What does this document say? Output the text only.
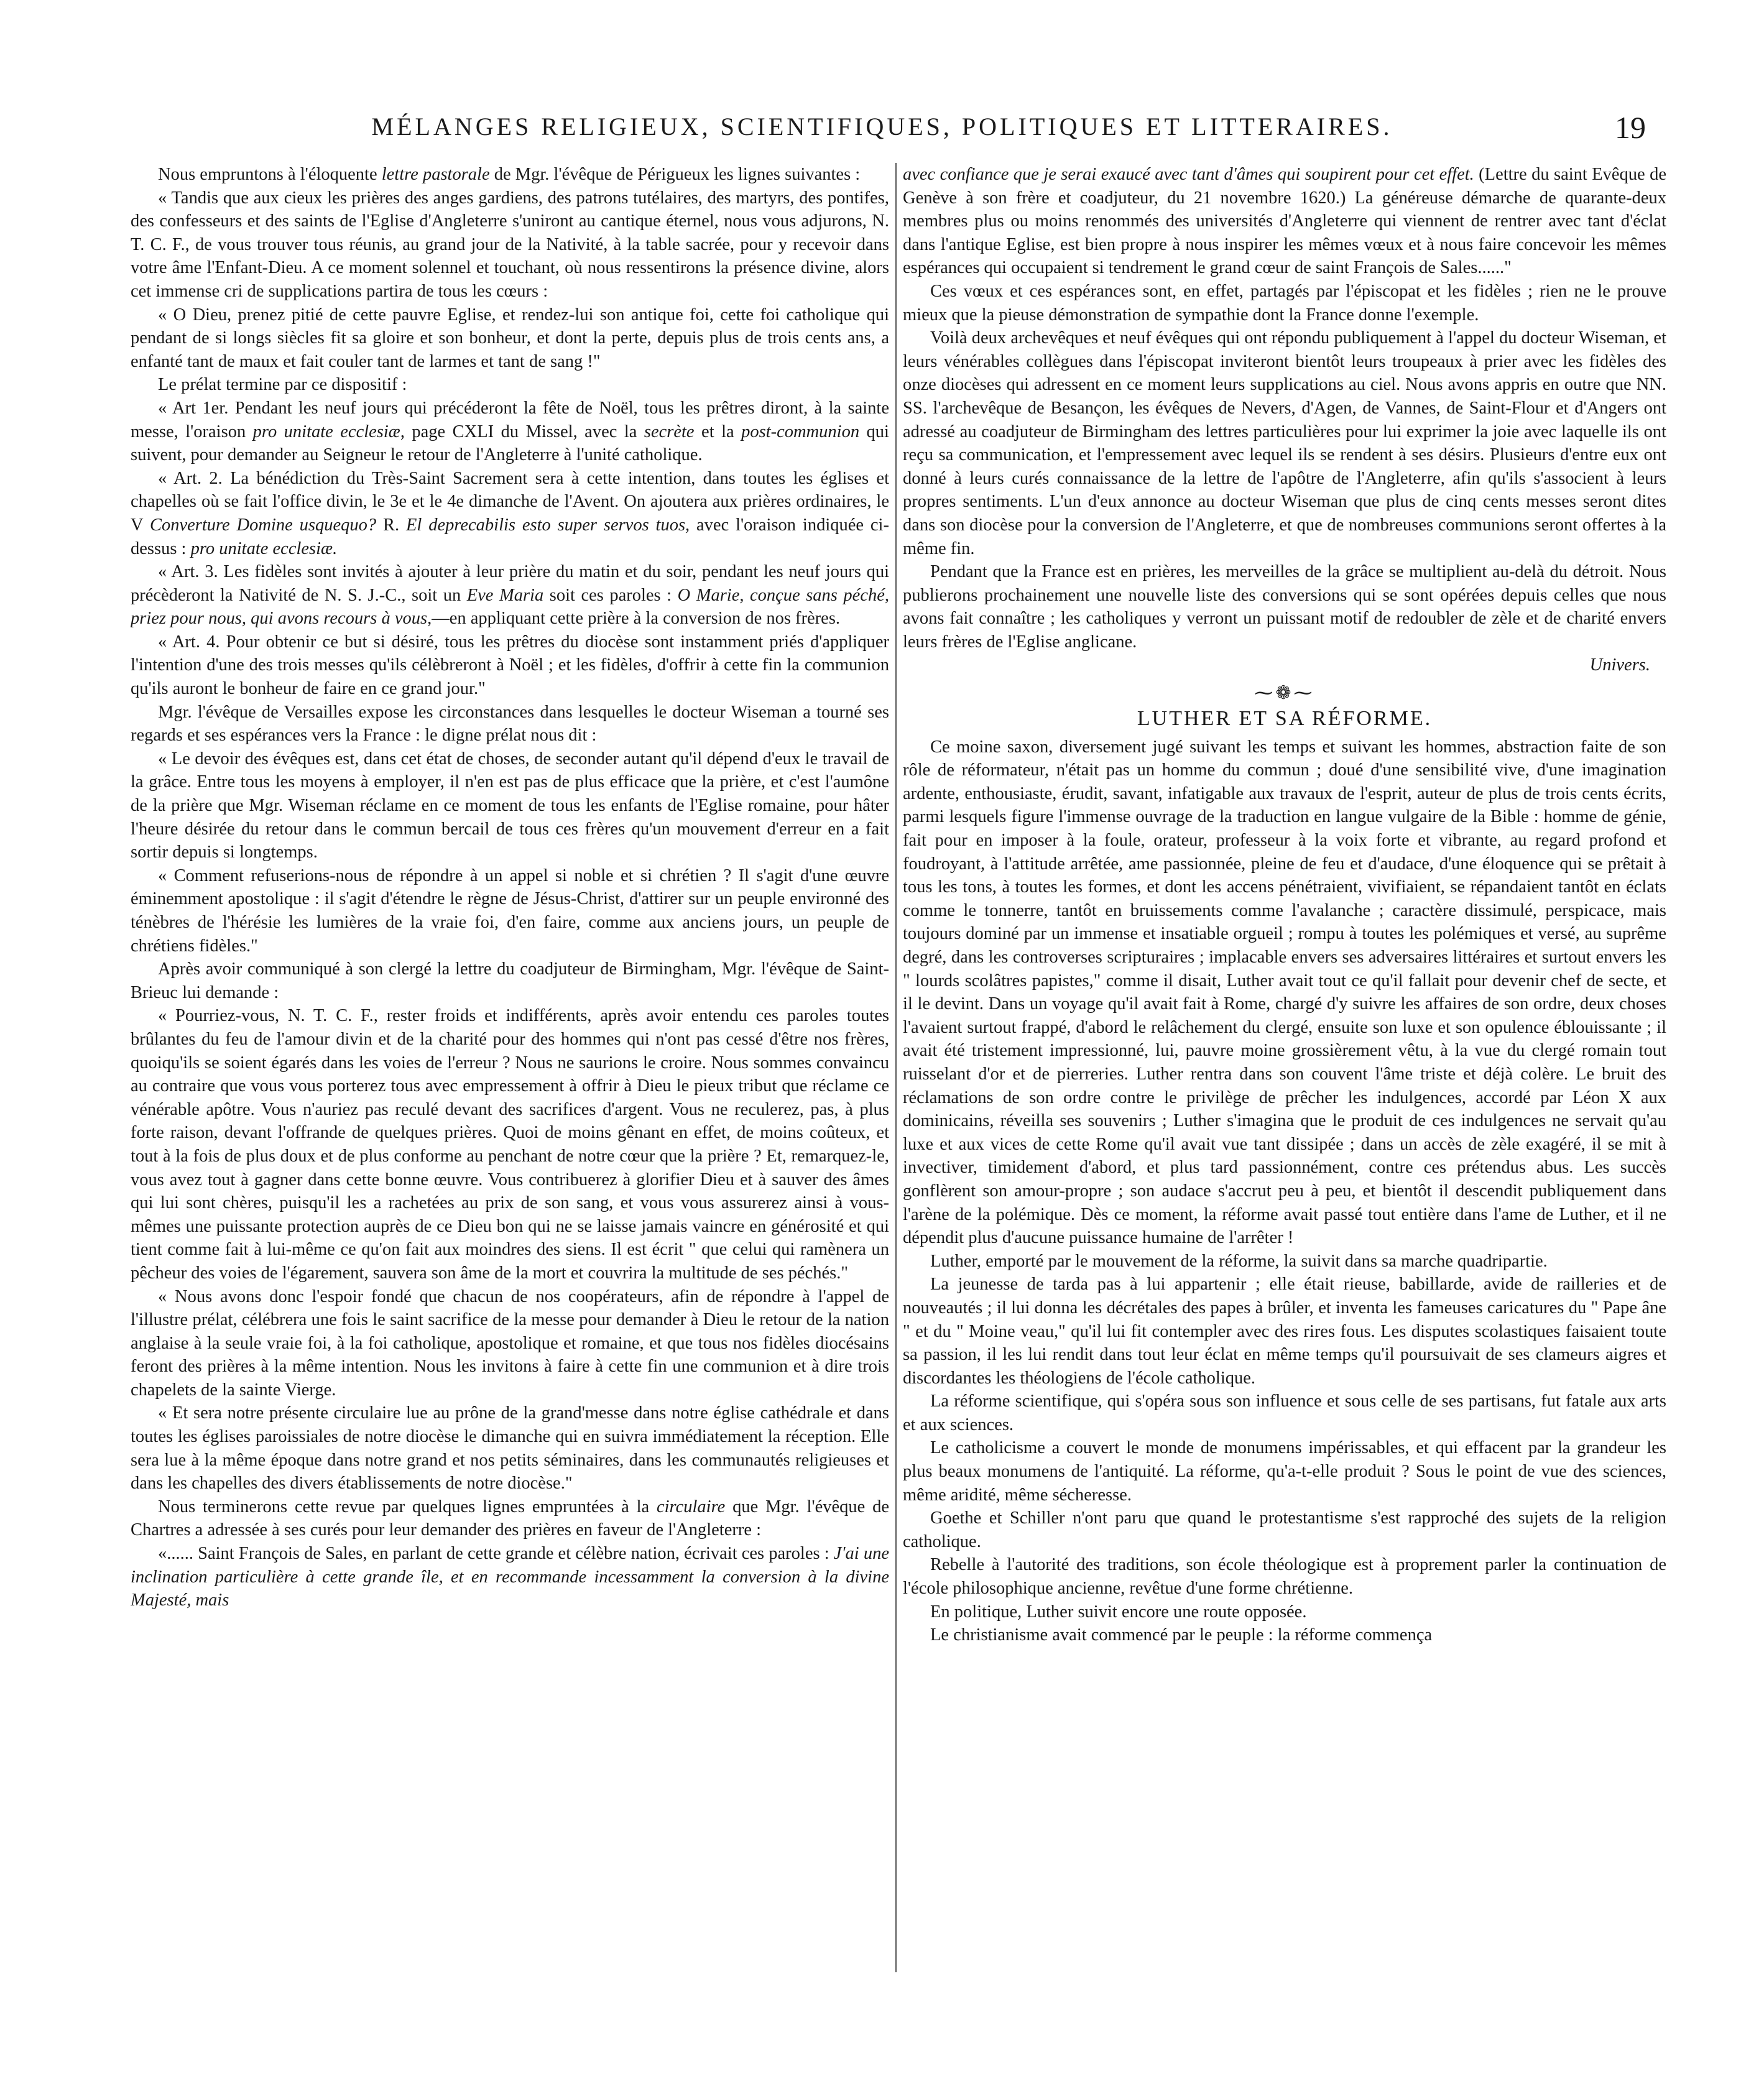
MÉLANGES RELIGIEUX, SCIENTIFIQUES, POLITIQUES ET LITTERAIRES.	19

Nous empruntons à l'éloquente lettre pastorale de Mgr. l'évêque de Périgueux les lignes suivantes :

« Tandis que aux cieux les prières des anges gardiens, des patrons tutélaires, des martyrs, des pontifes, des confesseurs et des saints de l'Eglise d'Angleterre s'uniront au cantique éternel, nous vous adjurons, N. T. C. F., de vous trouver tous réunis, au grand jour de la Nativité, à la table sacrée, pour y recevoir dans votre âme l'Enfant-Dieu. A ce moment solennel et touchant, où nous ressentirons la présence divine, alors cet immense cri de supplications partira de tous les cœurs :

« O Dieu, prenez pitié de cette pauvre Eglise, et rendez-lui son antique foi, cette foi catholique qui pendant de si longs siècles fit sa gloire et son bonheur, et dont la perte, depuis plus de trois cents ans, a enfanté tant de maux et fait couler tant de larmes et tant de sang !"

Le prélat termine par ce dispositif :

« Art 1er. Pendant les neuf jours qui précéderont la fête de Noël, tous les prêtres diront, à la sainte messe, l'oraison pro unitate ecclesiæ, page CXLI du Missel, avec la secrète et la post-communion qui suivent, pour demander au Seigneur le retour de l'Angleterre à l'unité catholique.

« Art. 2. La bénédiction du Très-Saint Sacrement sera à cette intention, dans toutes les églises et chapelles où se fait l'office divin, le 3e et le 4e dimanche de l'Avent. On ajoutera aux prières ordinaires, le V Converture Domine usquequo? R. El deprecabilis esto super servos tuos, avec l'oraison indiquée ci-dessus : pro unitate ecclesiæ.

« Art. 3. Les fidèles sont invités à ajouter à leur prière du matin et du soir, pendant les neuf jours qui précèderont la Nativité de N. S. J.-C., soit un Eve Maria soit ces paroles : O Marie, conçue sans péché, priez pour nous, qui avons recours à vous,—en appliquant cette prière à la conversion de nos frères.

« Art. 4. Pour obtenir ce but si désiré, tous les prêtres du diocèse sont instamment priés d'appliquer l'intention d'une des trois messes qu'ils célèbreront à Noël ; et les fidèles, d'offrir à cette fin la communion qu'ils auront le bonheur de faire en ce grand jour."

Mgr. l'évêque de Versailles expose les circonstances dans lesquelles le docteur Wiseman a tourné ses regards et ses espérances vers la France : le digne prélat nous dit :

« Le devoir des évêques est, dans cet état de choses, de seconder autant qu'il dépend d'eux le travail de la grâce. Entre tous les moyens à employer, il n'en est pas de plus efficace que la prière, et c'est l'aumône de la prière que Mgr. Wiseman réclame en ce moment de tous les enfants de l'Eglise romaine, pour hâter l'heure désirée du retour dans le commun bercail de tous ces frères qu'un mouvement d'erreur en a fait sortir depuis si longtemps.

« Comment refuserions-nous de répondre à un appel si noble et si chrétien ? Il s'agit d'une œuvre éminemment apostolique : il s'agit d'étendre le règne de Jésus-Christ, d'attirer sur un peuple environné des ténèbres de l'hérésie les lumières de la vraie foi, d'en faire, comme aux anciens jours, un peuple de chrétiens fidèles."

Après avoir communiqué à son clergé la lettre du coadjuteur de Birmingham, Mgr. l'évêque de Saint-Brieuc lui demande :

« Pourriez-vous, N. T. C. F., rester froids et indifférents, après avoir entendu ces paroles toutes brûlantes du feu de l'amour divin et de la charité pour des hommes qui n'ont pas cessé d'être nos frères, quoiqu'ils se soient égarés dans les voies de l'erreur ? Nous ne saurions le croire. Nous sommes convaincu au contraire que vous vous porterez tous avec empressement à offrir à Dieu le pieux tribut que réclame ce vénérable apôtre. Vous n'auriez pas reculé devant des sacrifices d'argent. Vous ne reculerez, pas, à plus forte raison, devant l'offrande de quelques prières. Quoi de moins gênant en effet, de moins coûteux, et tout à la fois de plus doux et de plus conforme au penchant de notre cœur que la prière ? Et, remarquez-le, vous avez tout à gagner dans cette bonne œuvre. Vous contribuerez à glorifier Dieu et à sauver des âmes qui lui sont chères, puisqu'il les a rachetées au prix de son sang, et vous vous assurerez ainsi à vous-mêmes une puissante protection auprès de ce Dieu bon qui ne se laisse jamais vaincre en générosité et qui tient comme fait à lui-même ce qu'on fait aux moindres des siens. Il est écrit " que celui qui ramènera un pêcheur des voies de l'égarement, sauvera son âme de la mort et couvrira la multitude de ses péchés."

« Nous avons donc l'espoir fondé que chacun de nos coopérateurs, afin de répondre à l'appel de l'illustre prélat, célébrera une fois le saint sacrifice de la messe pour demander à Dieu le retour de la nation anglaise à la seule vraie foi, à la foi catholique, apostolique et romaine, et que tous nos fidèles diocésains feront des prières à la même intention. Nous les invitons à faire à cette fin une communion et à dire trois chapelets de la sainte Vierge.

« Et sera notre présente circulaire lue au prône de la grand'messe dans notre église cathédrale et dans toutes les églises paroissiales de notre diocèse le dimanche qui en suivra immédiatement la réception. Elle sera lue à la même époque dans notre grand et nos petits séminaires, dans les communautés religieuses et dans les chapelles des divers établissements de notre diocèse."

Nous terminerons cette revue par quelques lignes empruntées à la circulaire que Mgr. l'évêque de Chartres a adressée à ses curés pour leur demander des prières en faveur de l'Angleterre :

«...... Saint François de Sales, en parlant de cette grande et célèbre nation, écrivait ces paroles : J'ai une inclination particulière à cette grande île, et en recommande incessamment la conversion à la divine Majesté, mais

avec confiance que je serai exaucé avec tant d'âmes qui soupirent pour cet effet. (Lettre du saint Evêque de Genève à son frère et coadjuteur, du 21 novembre 1620.) La généreuse démarche de quarante-deux membres plus ou moins renommés des universités d'Angleterre qui viennent de rentrer avec tant d'éclat dans l'antique Eglise, est bien propre à nous inspirer les mêmes vœux et à nous faire concevoir les mêmes espérances qui occupaient si tendrement le grand cœur de saint François de Sales......"

Ces vœux et ces espérances sont, en effet, partagés par l'épiscopat et les fidèles ; rien ne le prouve mieux que la pieuse démonstration de sympathie dont la France donne l'exemple.

Voilà deux archevêques et neuf évêques qui ont répondu publiquement à l'appel du docteur Wiseman, et leurs vénérables collègues dans l'épiscopat inviteront bientôt leurs troupeaux à prier avec les fidèles des onze diocèses qui adressent en ce moment leurs supplications au ciel. Nous avons appris en outre que NN. SS. l'archevêque de Besançon, les évêques de Nevers, d'Agen, de Vannes, de Saint-Flour et d'Angers ont adressé au coadjuteur de Birmingham des lettres particulières pour lui exprimer la joie avec laquelle ils ont reçu sa communication, et l'empressement avec lequel ils se rendent à ses désirs. Plusieurs d'entre eux ont donné à leurs curés connaissance de la lettre de l'apôtre de l'Angleterre, afin qu'ils s'associent à leurs propres sentiments. L'un d'eux annonce au docteur Wiseman que plus de cinq cents messes seront dites dans son diocèse pour la conversion de l'Angleterre, et que de nombreuses communions seront offertes à la même fin.

Pendant que la France est en prières, les merveilles de la grâce se multiplient au-delà du détroit. Nous publierons prochainement une nouvelle liste des conversions qui se sont opérées depuis celles que nous avons fait connaître ; les catholiques y verront un puissant motif de redoubler de zèle et de charité envers leurs frères de l'Eglise anglicane.
Univers.

⁓❁⁓
LUTHER ET SA RÉFORME.

Ce moine saxon, diversement jugé suivant les temps et suivant les hommes, abstraction faite de son rôle de réformateur, n'était pas un homme du commun ; doué d'une sensibilité vive, d'une imagination ardente, enthousiaste, érudit, savant, infatigable aux travaux de l'esprit, auteur de plus de trois cents écrits, parmi lesquels figure l'immense ouvrage de la traduction en langue vulgaire de la Bible : homme de génie, fait pour en imposer à la foule, orateur, professeur à la voix forte et vibrante, au regard profond et foudroyant, à l'attitude arrêtée, ame passionnée, pleine de feu et d'audace, d'une éloquence qui se prêtait à tous les tons, à toutes les formes, et dont les accens pénétraient, vivifiaient, se répandaient tantôt en éclats comme le tonnerre, tantôt en bruissements comme l'avalanche ; caractère dissimulé, perspicace, mais toujours dominé par un immense et insatiable orgueil ; rompu à toutes les polémiques et versé, au suprême degré, dans les controverses scripturaires ; implacable envers ses adversaires littéraires et surtout envers les " lourds scolâtres papistes," comme il disait, Luther avait tout ce qu'il fallait pour devenir chef de secte, et il le devint. Dans un voyage qu'il avait fait à Rome, chargé d'y suivre les affaires de son ordre, deux choses l'avaient surtout frappé, d'abord le relâchement du clergé, ensuite son luxe et son opulence éblouissante ; il avait été tristement impressionné, lui, pauvre moine grossièrement vêtu, à la vue du clergé romain tout ruisselant d'or et de pierreries. Luther rentra dans son couvent l'âme triste et déjà colère. Le bruit des réclamations de son ordre contre le privilège de prêcher les indulgences, accordé par Léon X aux dominicains, réveilla ses souvenirs ; Luther s'imagina que le produit de ces indulgences ne servait qu'au luxe et aux vices de cette Rome qu'il avait vue tant dissipée ; dans un accès de zèle exagéré, il se mit à invectiver, timidement d'abord, et plus tard passionnément, contre ces prétendus abus. Les succès gonflèrent son amour-propre ; son audace s'accrut peu à peu, et bientôt il descendit publiquement dans l'arène de la polémique. Dès ce moment, la réforme avait passé tout entière dans l'ame de Luther, et il ne dépendit plus d'aucune puissance humaine de l'arrêter !

Luther, emporté par le mouvement de la réforme, la suivit dans sa marche quadripartie.

La jeunesse de tarda pas à lui appartenir ; elle était rieuse, babillarde, avide de railleries et de nouveautés ; il lui donna les décrétales des papes à brûler, et inventa les fameuses caricatures du " Pape âne " et du " Moine veau," qu'il lui fit contempler avec des rires fous. Les disputes scolastiques faisaient toute sa passion, il les lui rendit dans tout leur éclat en même temps qu'il poursuivait de ses clameurs aigres et discordantes les théologiens de l'école catholique.

La réforme scientifique, qui s'opéra sous son influence et sous celle de ses partisans, fut fatale aux arts et aux sciences.

Le catholicisme a couvert le monde de monumens impérissables, et qui effacent par la grandeur les plus beaux monumens de l'antiquité. La réforme, qu'a-t-elle produit ? Sous le point de vue des sciences, même aridité, même sécheresse.

Goethe et Schiller n'ont paru que quand le protestantisme s'est rapproché des sujets de la religion catholique.

Rebelle à l'autorité des traditions, son école théologique est à proprement parler la continuation de l'école philosophique ancienne, revêtue d'une forme chrétienne.

En politique, Luther suivit encore une route opposée.

Le christianisme avait commencé par le peuple : la réforme commença
